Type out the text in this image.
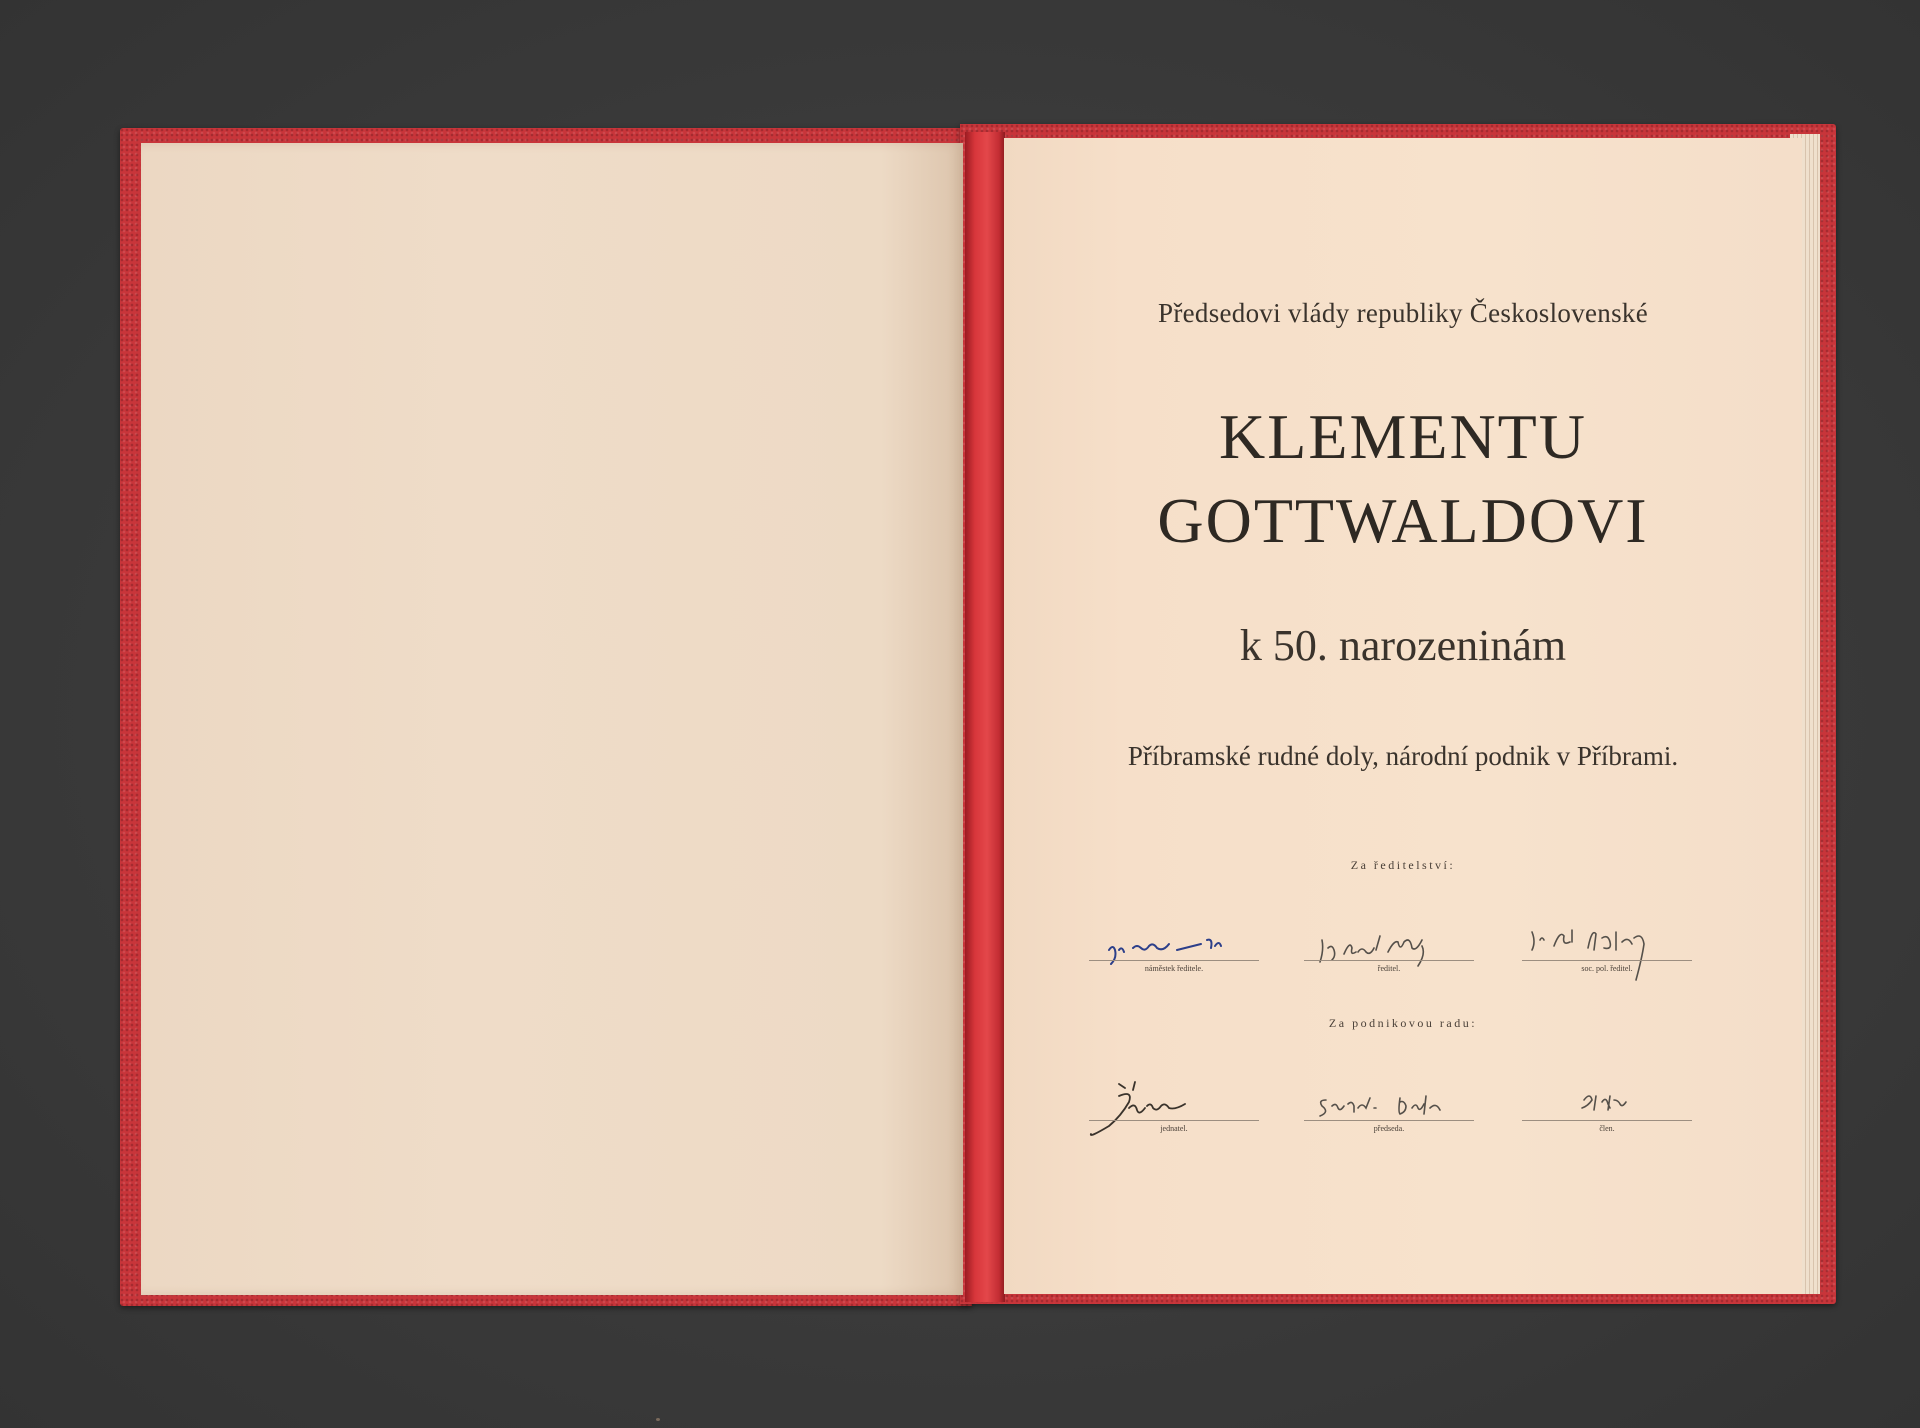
Předsedovi vlády republiky Československé
KLEMENTU
GOTTWALDOVI
k 50. narozeninám
Příbramské rudné doly, národní podnik v Příbrami.
Za ředitelství:
náměstek ředitele.	ředitel.	soc. pol. ředitel.
Za podnikovou radu:
jednatel.	předseda.	člen.
